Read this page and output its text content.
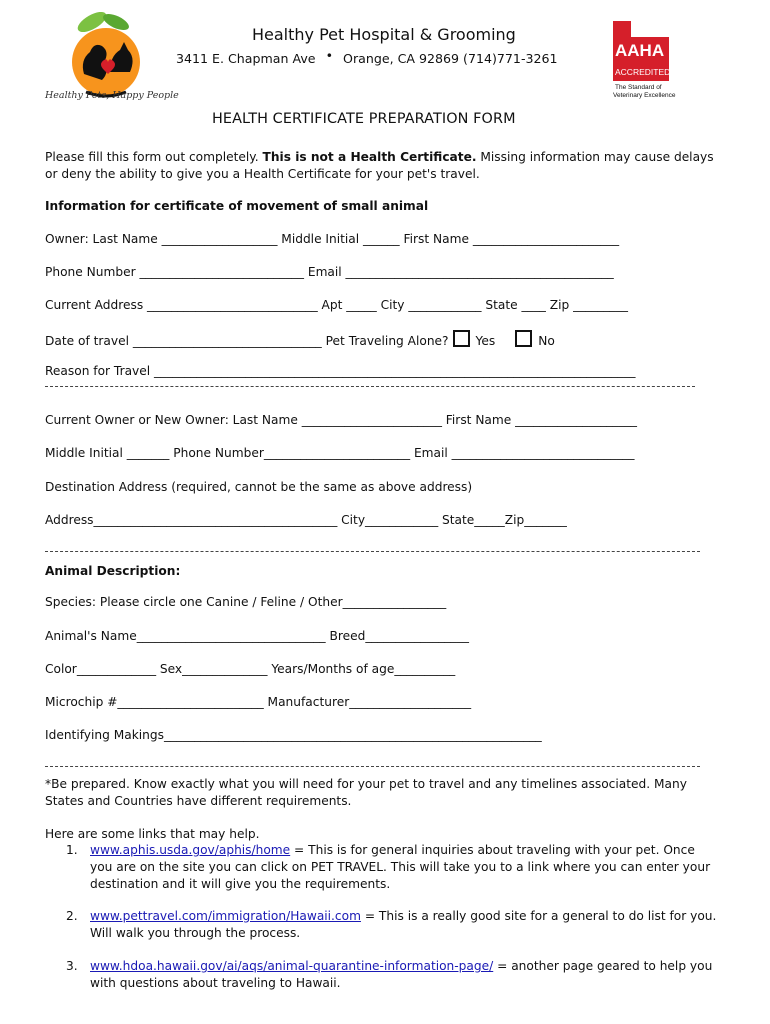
Healthy Pets, Happy People
Healthy Pet Hospital & Grooming
3411 E. Chapman Ave • Orange, CA 92869 (714)771-3261	AAHA
ACCREDITED
The Standard of
Veterinary Excellence
HEALTH CERTIFICATE PREPARATION FORM
Please fill this form out completely. This is not a Health Certificate. Missing information may cause delays
or deny the ability to give you a Health Certificate for your pet's travel.
Information for certificate of movement of small animal
Owner: Last Name ___________________ Middle Initial ______ First Name ________________________
Phone Number ___________________________ Email ____________________________________________
Current Address ____________________________ Apt _____ City ____________ State ____ Zip _________
Date of travel _______________________________ Pet Traveling Alone? Yes	No
Reason for Travel _______________________________________________________________________________
Current Owner or New Owner: Last Name _______________________ First Name ____________________
Middle Initial _______ Phone Number________________________ Email ______________________________
Destination Address (required, cannot be the same as above address)
Address________________________________________ City____________ State_____Zip_______
Animal Description:
Species: Please circle one Canine / Feline / Other_________________
Animal's Name_______________________________ Breed_________________
Color_____________ Sex______________ Years/Months of age__________
Microchip #________________________ Manufacturer____________________
Identifying Makings______________________________________________________________
*Be prepared. Know exactly what you will need for your pet to travel and any timelines associated. Many
States and Countries have different requirements.
Here are some links that may help.
1. www.aphis.usda.gov/aphis/home = This is for general inquiries about traveling with your pet. Once you are on the site you can click on PET TRAVEL. This will take you to a link where you can enter your destination and it will give you the requirements.
2. www.pettravel.com/immigration/Hawaii.com = This is a really good site for a general to do list for you. Will walk you through the process.
3. www.hdoa.hawaii.gov/ai/aqs/animal-quarantine-information-page/ = another page geared to help you with questions about traveling to Hawaii.
